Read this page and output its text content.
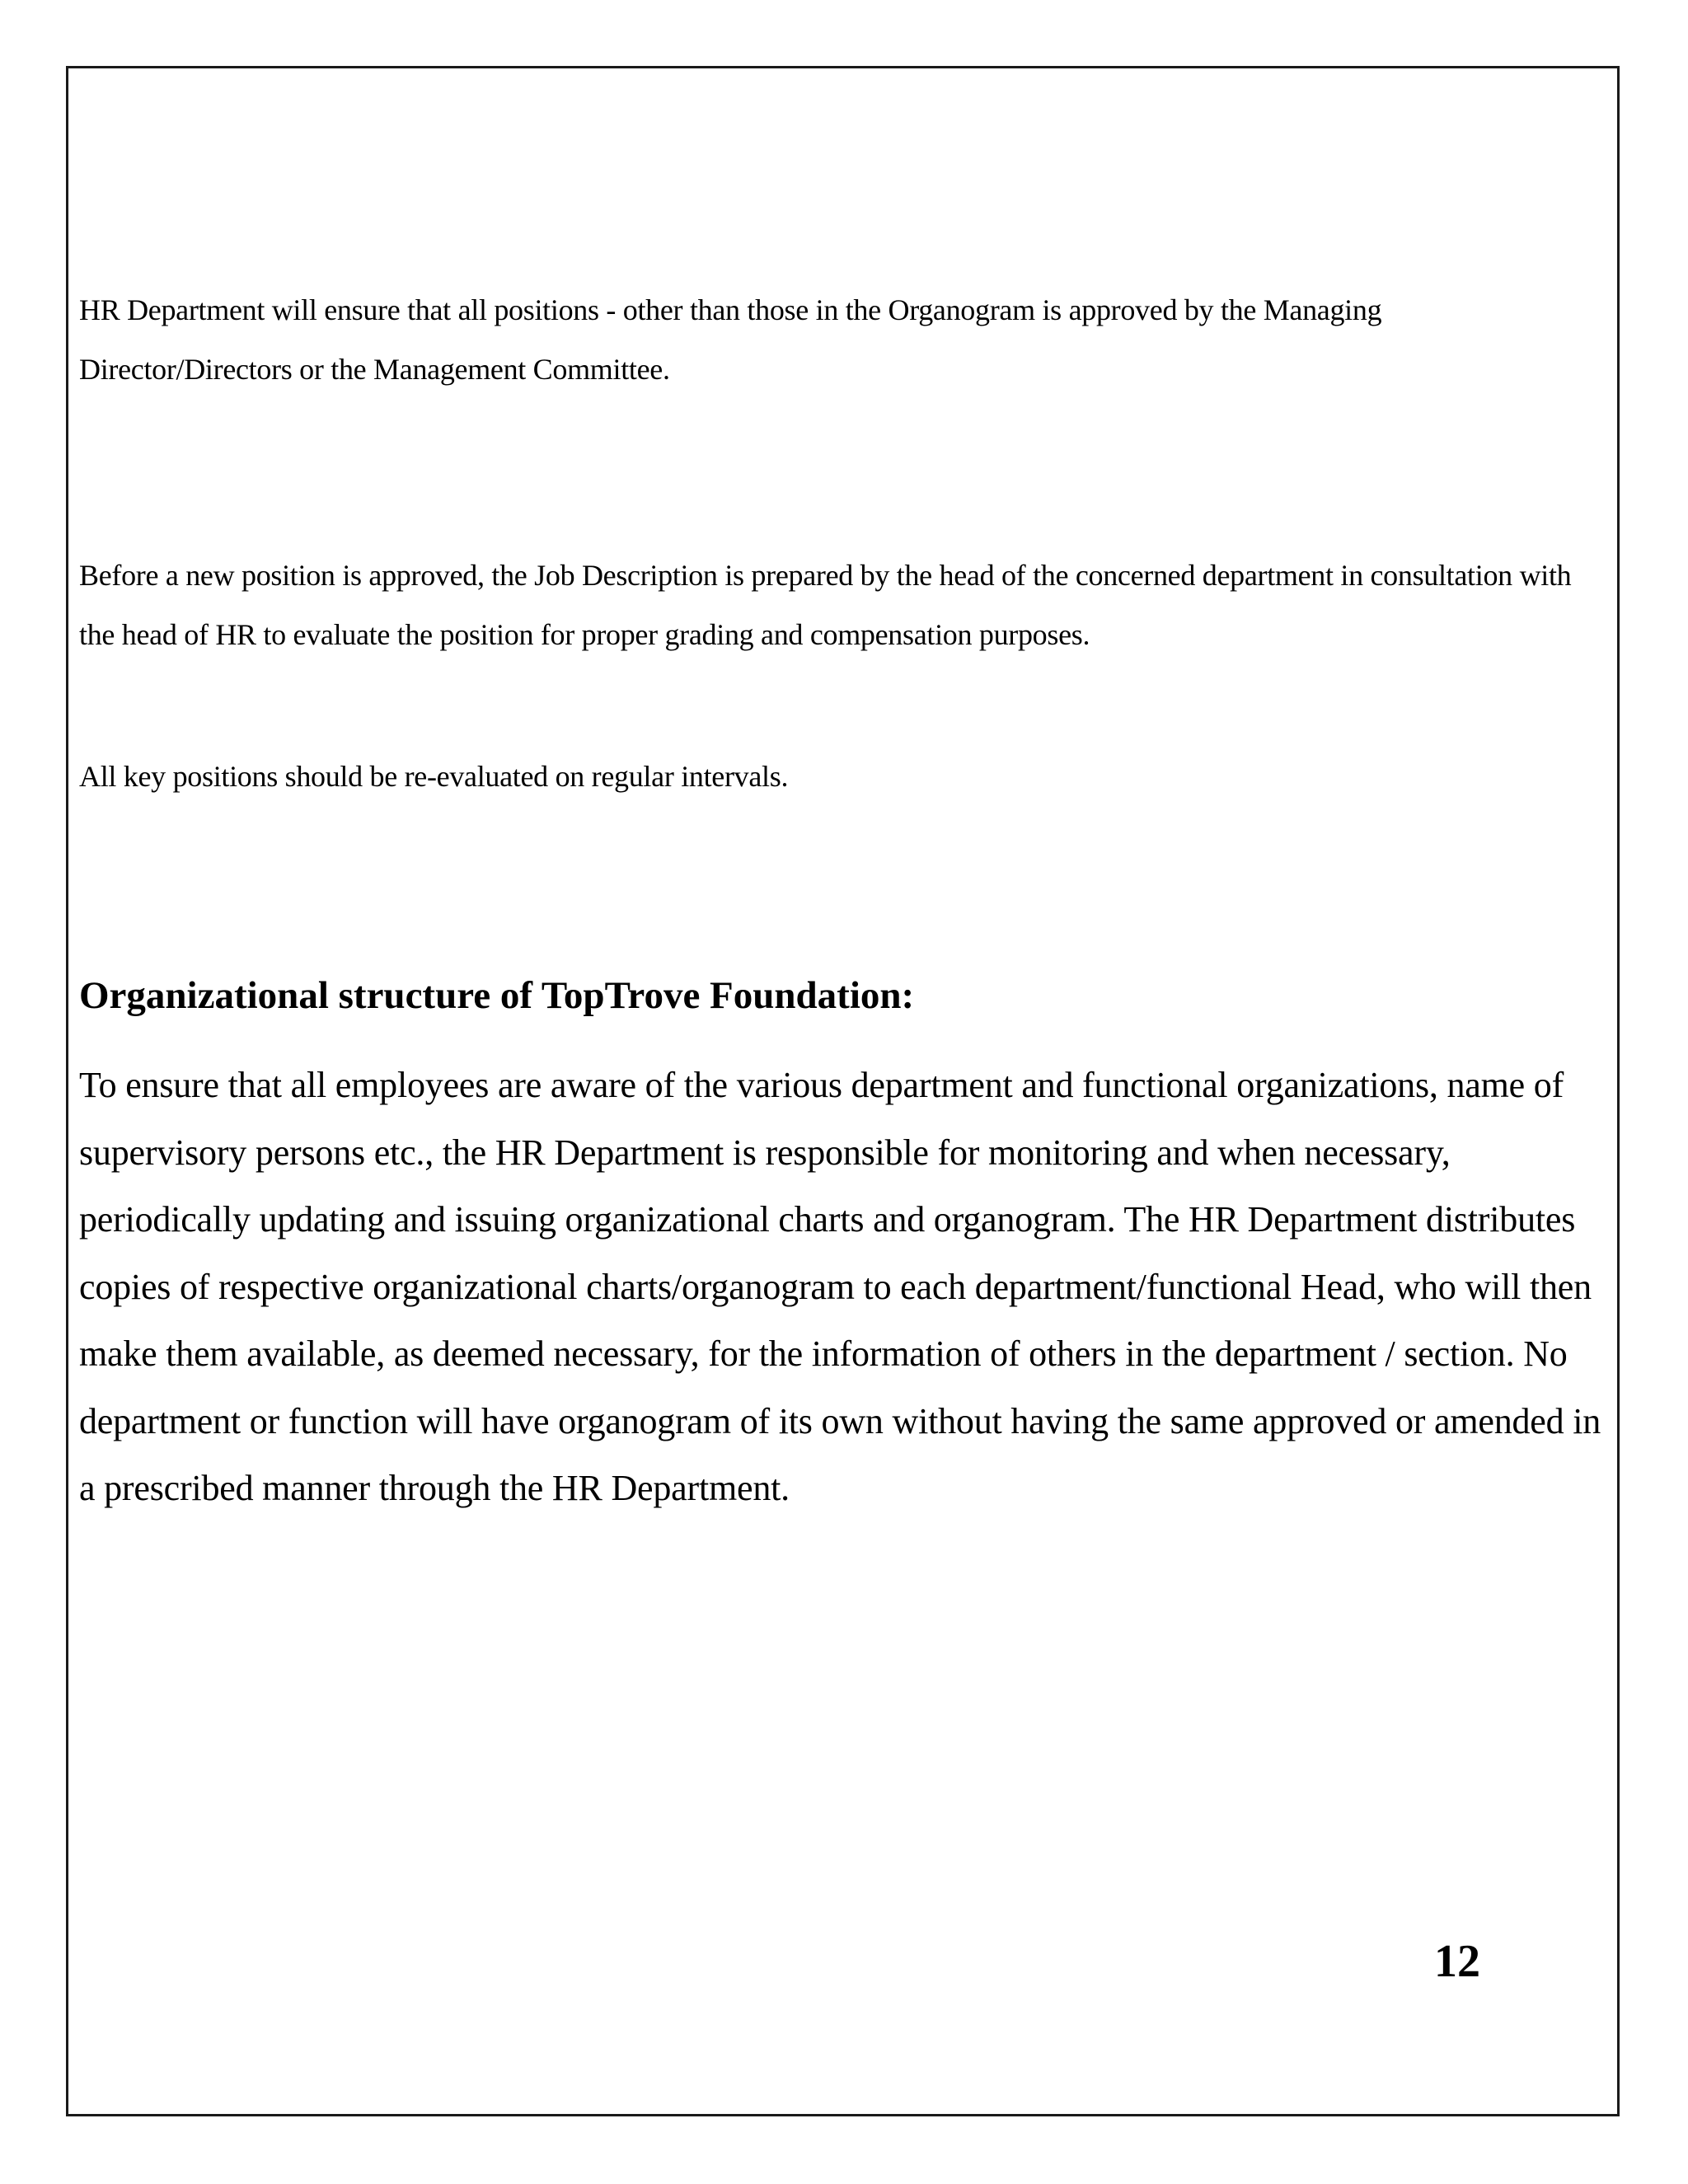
HR Department will ensure that all positions - other than those in the Organogram is approved by the Managing Director/Directors or the Management Committee.

Before a new position is approved, the Job Description is prepared by the head of the concerned department in consultation with the head of HR to evaluate the position for proper grading and compensation purposes.

All key positions should be re-evaluated on regular intervals.

Organizational structure of TopTrove Foundation:

To ensure that all employees are aware of the various department and functional organizations, name of supervisory persons etc., the HR Department is responsible for monitoring and when necessary, periodically updating and issuing organizational charts and organogram. The HR Department distributes copies of respective organizational charts/organogram to each department/functional Head, who will then make them available, as deemed necessary, for the information of others in the department / section. No department or function will have organogram of its own without having the same approved or amended in a prescribed manner through the HR Department.

12
